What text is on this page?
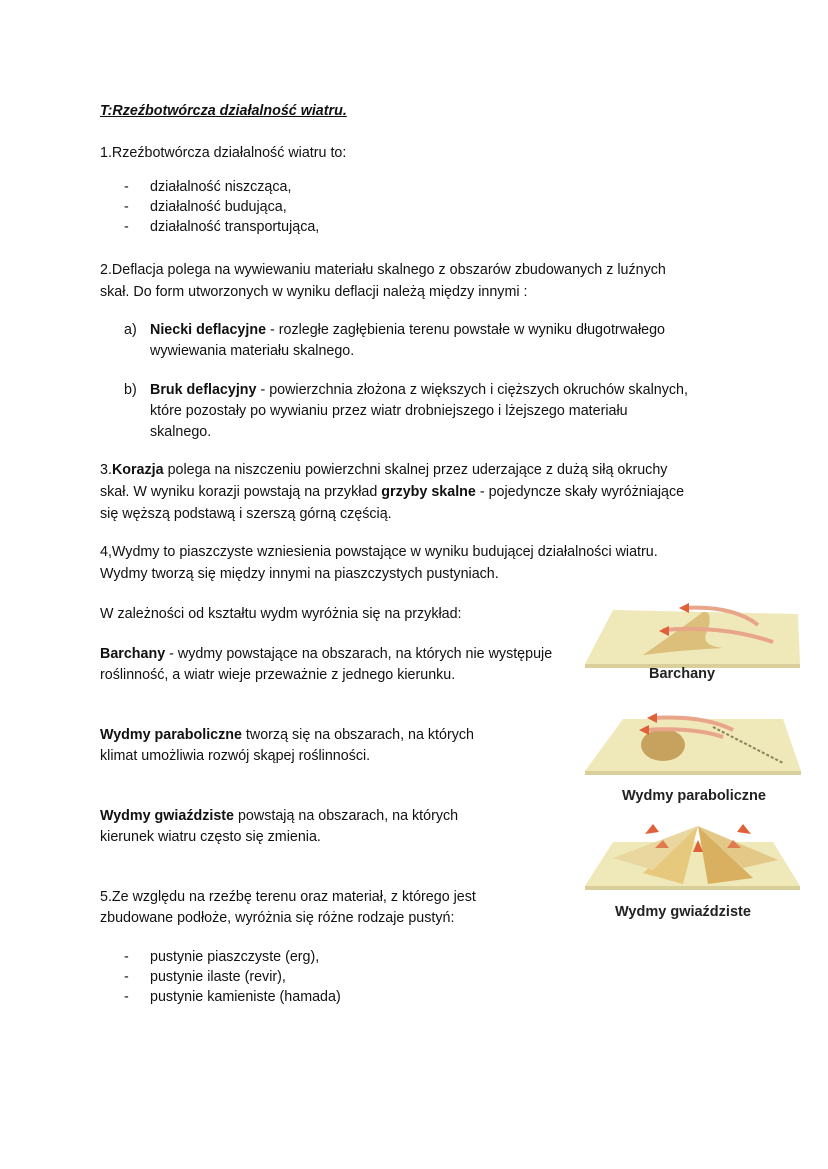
T:Rzeźbotwórcza działalność wiatru.
1.Rzeźbotwórcza działalność wiatru to:
- działalność niszcząca,
- działalność budująca,
- działalność transportująca,
2.Deflacja polega na wywiewaniu materiału skalnego z obszarów zbudowanych z luźnych
skał. Do form utworzonych w wyniku deflacji należą między innymi :
a) Niecki deflacyjne - rozległe zagłębienia terenu powstałe w wyniku długotrwałego
wywiewania materiału skalnego.
b) Bruk deflacyjny - powierzchnia złożona z większych i cięższych okruchów skalnych,
które pozostały po wywianiu przez wiatr drobniejszego i lżejszego materiału
skalnego.
3.Korazja polega na niszczeniu powierzchni skalnej przez uderzające z dużą siłą okruchy
skał. W wyniku korazji powstają na przykład grzyby skalne - pojedyncze skały wyróżniające
się węższą podstawą i szerszą górną częścią.
4,Wydmy to piaszczyste wzniesienia powstające w wyniku budującej działalności wiatru.
Wydmy tworzą się między innymi na piaszczystych pustyniach.
W zależności od kształtu wydm wyróżnia się na przykład:
Barchany - wydmy powstające na obszarach, na których nie występuje
roślinność, a wiatr wieje przeważnie z jednego kierunku.
Wydmy paraboliczne tworzą się na obszarach, na których
klimat umożliwia rozwój skąpej roślinności.
Wydmy gwiaździste powstają na obszarach, na których
kierunek wiatru często się zmienia.
5.Ze względu na rzeźbę terenu oraz materiał, z którego jest
zbudowane podłoże, wyróżnia się różne rodzaje pustyń:
- pustynie piaszczyste (erg),
- pustynie ilaste (revir),
- pustynie kamieniste (hamada)
Barchany
Wydmy paraboliczne
Wydmy gwiaździste
